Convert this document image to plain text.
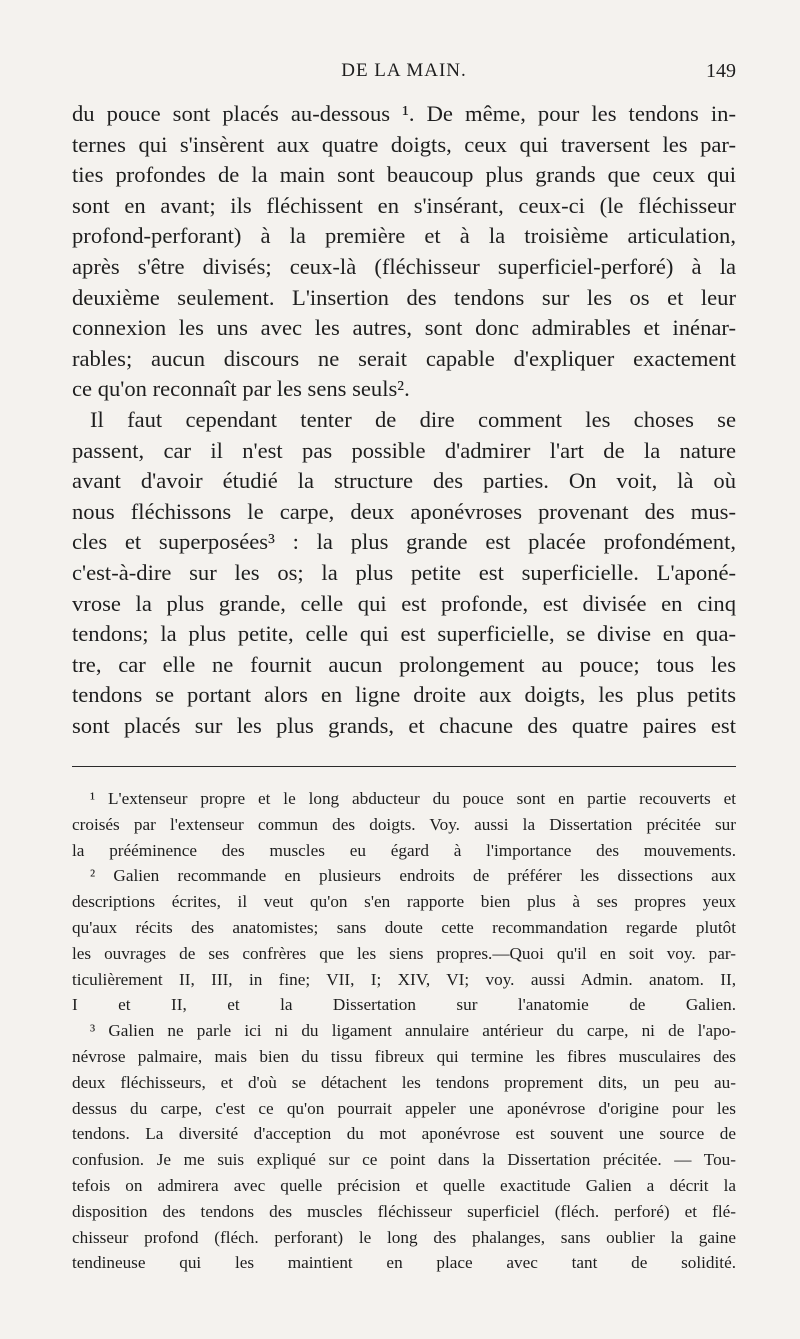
DE LA MAIN.	149

du pouce sont placés au-dessous ¹. De même, pour les tendons in-
ternes qui s'insèrent aux quatre doigts, ceux qui traversent les par-
ties profondes de la main sont beaucoup plus grands que ceux qui
sont en avant; ils fléchissent en s'insérant, ceux-ci (le fléchisseur
profond-perforant) à la première et à la troisième articulation,
après s'être divisés; ceux-là (fléchisseur superficiel-perforé) à la
deuxième seulement. L'insertion des tendons sur les os et leur
connexion les uns avec les autres, sont donc admirables et inénar-
rables; aucun discours ne serait capable d'expliquer exactement
ce qu'on reconnaît par les sens seuls².

Il faut cependant tenter de dire comment les choses se
passent, car il n'est pas possible d'admirer l'art de la nature
avant d'avoir étudié la structure des parties. On voit, là où
nous fléchissons le carpe, deux aponévroses provenant des mus-
cles et superposées³ : la plus grande est placée profondément,
c'est-à-dire sur les os; la plus petite est superficielle. L'aponé-
vrose la plus grande, celle qui est profonde, est divisée en cinq
tendons; la plus petite, celle qui est superficielle, se divise en qua-
tre, car elle ne fournit aucun prolongement au pouce; tous les
tendons se portant alors en ligne droite aux doigts, les plus petits
sont placés sur les plus grands, et chacune des quatre paires est

¹ L'extenseur propre et le long abducteur du pouce sont en partie recouverts et
croisés par l'extenseur commun des doigts. Voy. aussi la Dissertation précitée sur
la prééminence des muscles eu égard à l'importance des mouvements.
² Galien recommande en plusieurs endroits de préférer les dissections aux
descriptions écrites, il veut qu'on s'en rapporte bien plus à ses propres yeux
qu'aux récits des anatomistes; sans doute cette recommandation regarde plutôt
les ouvrages de ses confrères que les siens propres.—Quoi qu'il en soit voy. par-
ticulièrement II, III, in fine; VII, I; XIV, VI; voy. aussi Admin. anatom. II,
I et II, et la Dissertation sur l'anatomie de Galien.
³ Galien ne parle ici ni du ligament annulaire antérieur du carpe, ni de l'apo-
névrose palmaire, mais bien du tissu fibreux qui termine les fibres musculaires des
deux fléchisseurs, et d'où se détachent les tendons proprement dits, un peu au-
dessus du carpe, c'est ce qu'on pourrait appeler une aponévrose d'origine pour les
tendons. La diversité d'acception du mot aponévrose est souvent une source de
confusion. Je me suis expliqué sur ce point dans la Dissertation précitée. — Tou-
tefois on admirera avec quelle précision et quelle exactitude Galien a décrit la
disposition des tendons des muscles fléchisseur superficiel (fléch. perforé) et flé-
chisseur profond (fléch. perforant) le long des phalanges, sans oublier la gaine
tendineuse qui les maintient en place avec tant de solidité.
